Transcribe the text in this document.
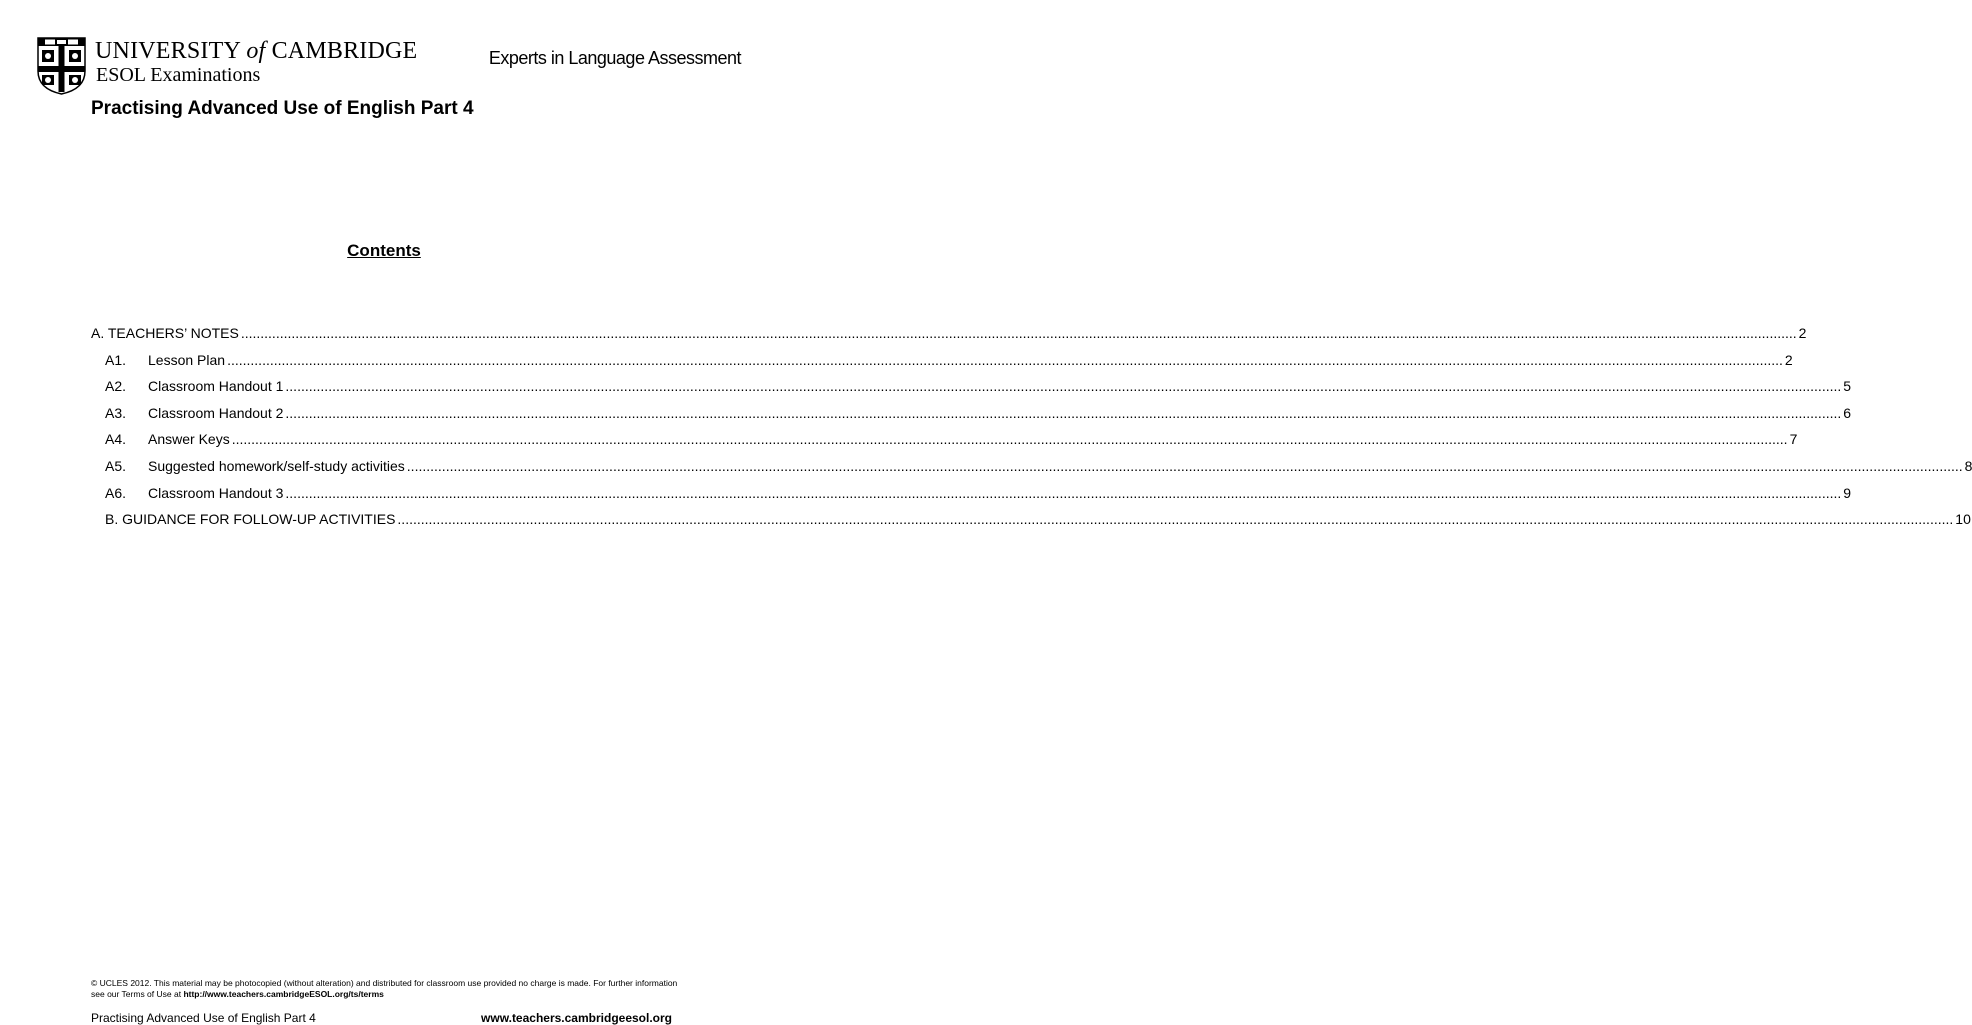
UNIVERSITY of CAMBRIDGE
ESOL Examinations
Experts in Language Assessment
Practising Advanced Use of English Part 4
Contents
A. TEACHERS’ NOTES ................................................................................................................................................................................................................................................................................................................................................................................................................ 2
A1.	Lesson Plan ................................................................................................................................................................................................................................................................................................................................................................................................................ 2
A2.	Classroom Handout 1 ................................................................................................................................................................................................................................................................................................................................................................................................................ 5
A3.	Classroom Handout 2 ................................................................................................................................................................................................................................................................................................................................................................................................................ 6
A4.	Answer Keys ................................................................................................................................................................................................................................................................................................................................................................................................................ 7
A5.	Suggested homework/self-study activities ................................................................................................................................................................................................................................................................................................................................................................................................................ 8
A6.	Classroom Handout 3 ................................................................................................................................................................................................................................................................................................................................................................................................................ 9
B. GUIDANCE FOR FOLLOW-UP ACTIVITIES ................................................................................................................................................................................................................................................................................................................................................................................................................ 10
© UCLES 2012. This material may be photocopied (without alteration) and distributed for classroom use provided no charge is made. For further information see our Terms of Use at http://www.teachers.cambridgeESOL.org/ts/terms
Practising Advanced Use of English Part 4	www.teachers.cambridgeesol.org
